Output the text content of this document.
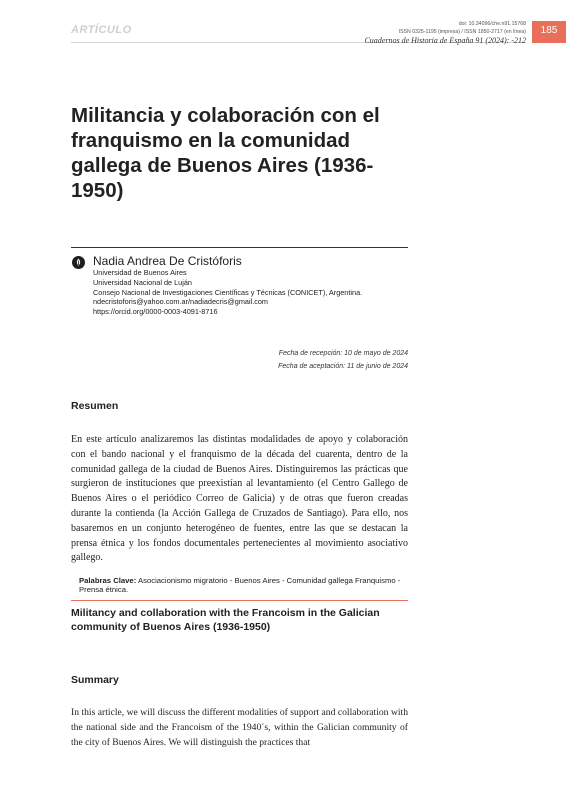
ARTÍCULO	doi: 10.34096/che.n91.15768
ISSN 0325-1195 (impresa) / ISSN 1850-2717 (en línea)
Cuadernos de Historia de España 91 (2024): -212
185
Militancia y colaboración con el franquismo en la comunidad gallega de Buenos Aires (1936-1950)
Nadia Andrea De Cristóforis
Universidad de Buenos Aires
Universidad Nacional de Luján
Consejo Nacional de Investigaciones Científicas y Técnicas (CONICET), Argentina.
ndecristoforis@yahoo.com.ar/nadiadecris@gmail.com
https://orcid.org/0000-0003-4091-8716
Fecha de recepción: 10 de mayo de 2024
Fecha de aceptación: 11 de junio de 2024
Resumen

En este artículo analizaremos las distintas modalidades de apoyo y colaboración con el bando nacional y el franquismo de la década del cuarenta, dentro de la comunidad gallega de la ciudad de Buenos Aires. Distinguiremos las prácticas que surgieron de instituciones que preexistían al levantamiento (el Centro Gallego de Buenos Aires o el periódico Correo de Galicia) y de otras que fueron creadas durante la contienda (la Acción Gallega de Cruzados de Santiago). Para ello, nos basaremos en un conjunto heterogéneo de fuentes, entre las que se destacan la prensa étnica y los fondos documentales pertenecientes al movimiento asociativo gallego.

Palabras Clave: Asociacionismo migratorio - Buenos Aires - Comunidad gallega Franquismo - Prensa étnica.
Militancy and collaboration with the Francoism in the Galician community of Buenos Aires (1936-1950)
Summary

In this article, we will discuss the different modalities of support and collaboration with the national side and the Francoism of the 1940´s, within the Galician community of the city of Buenos Aires. We will distinguish the practices that
